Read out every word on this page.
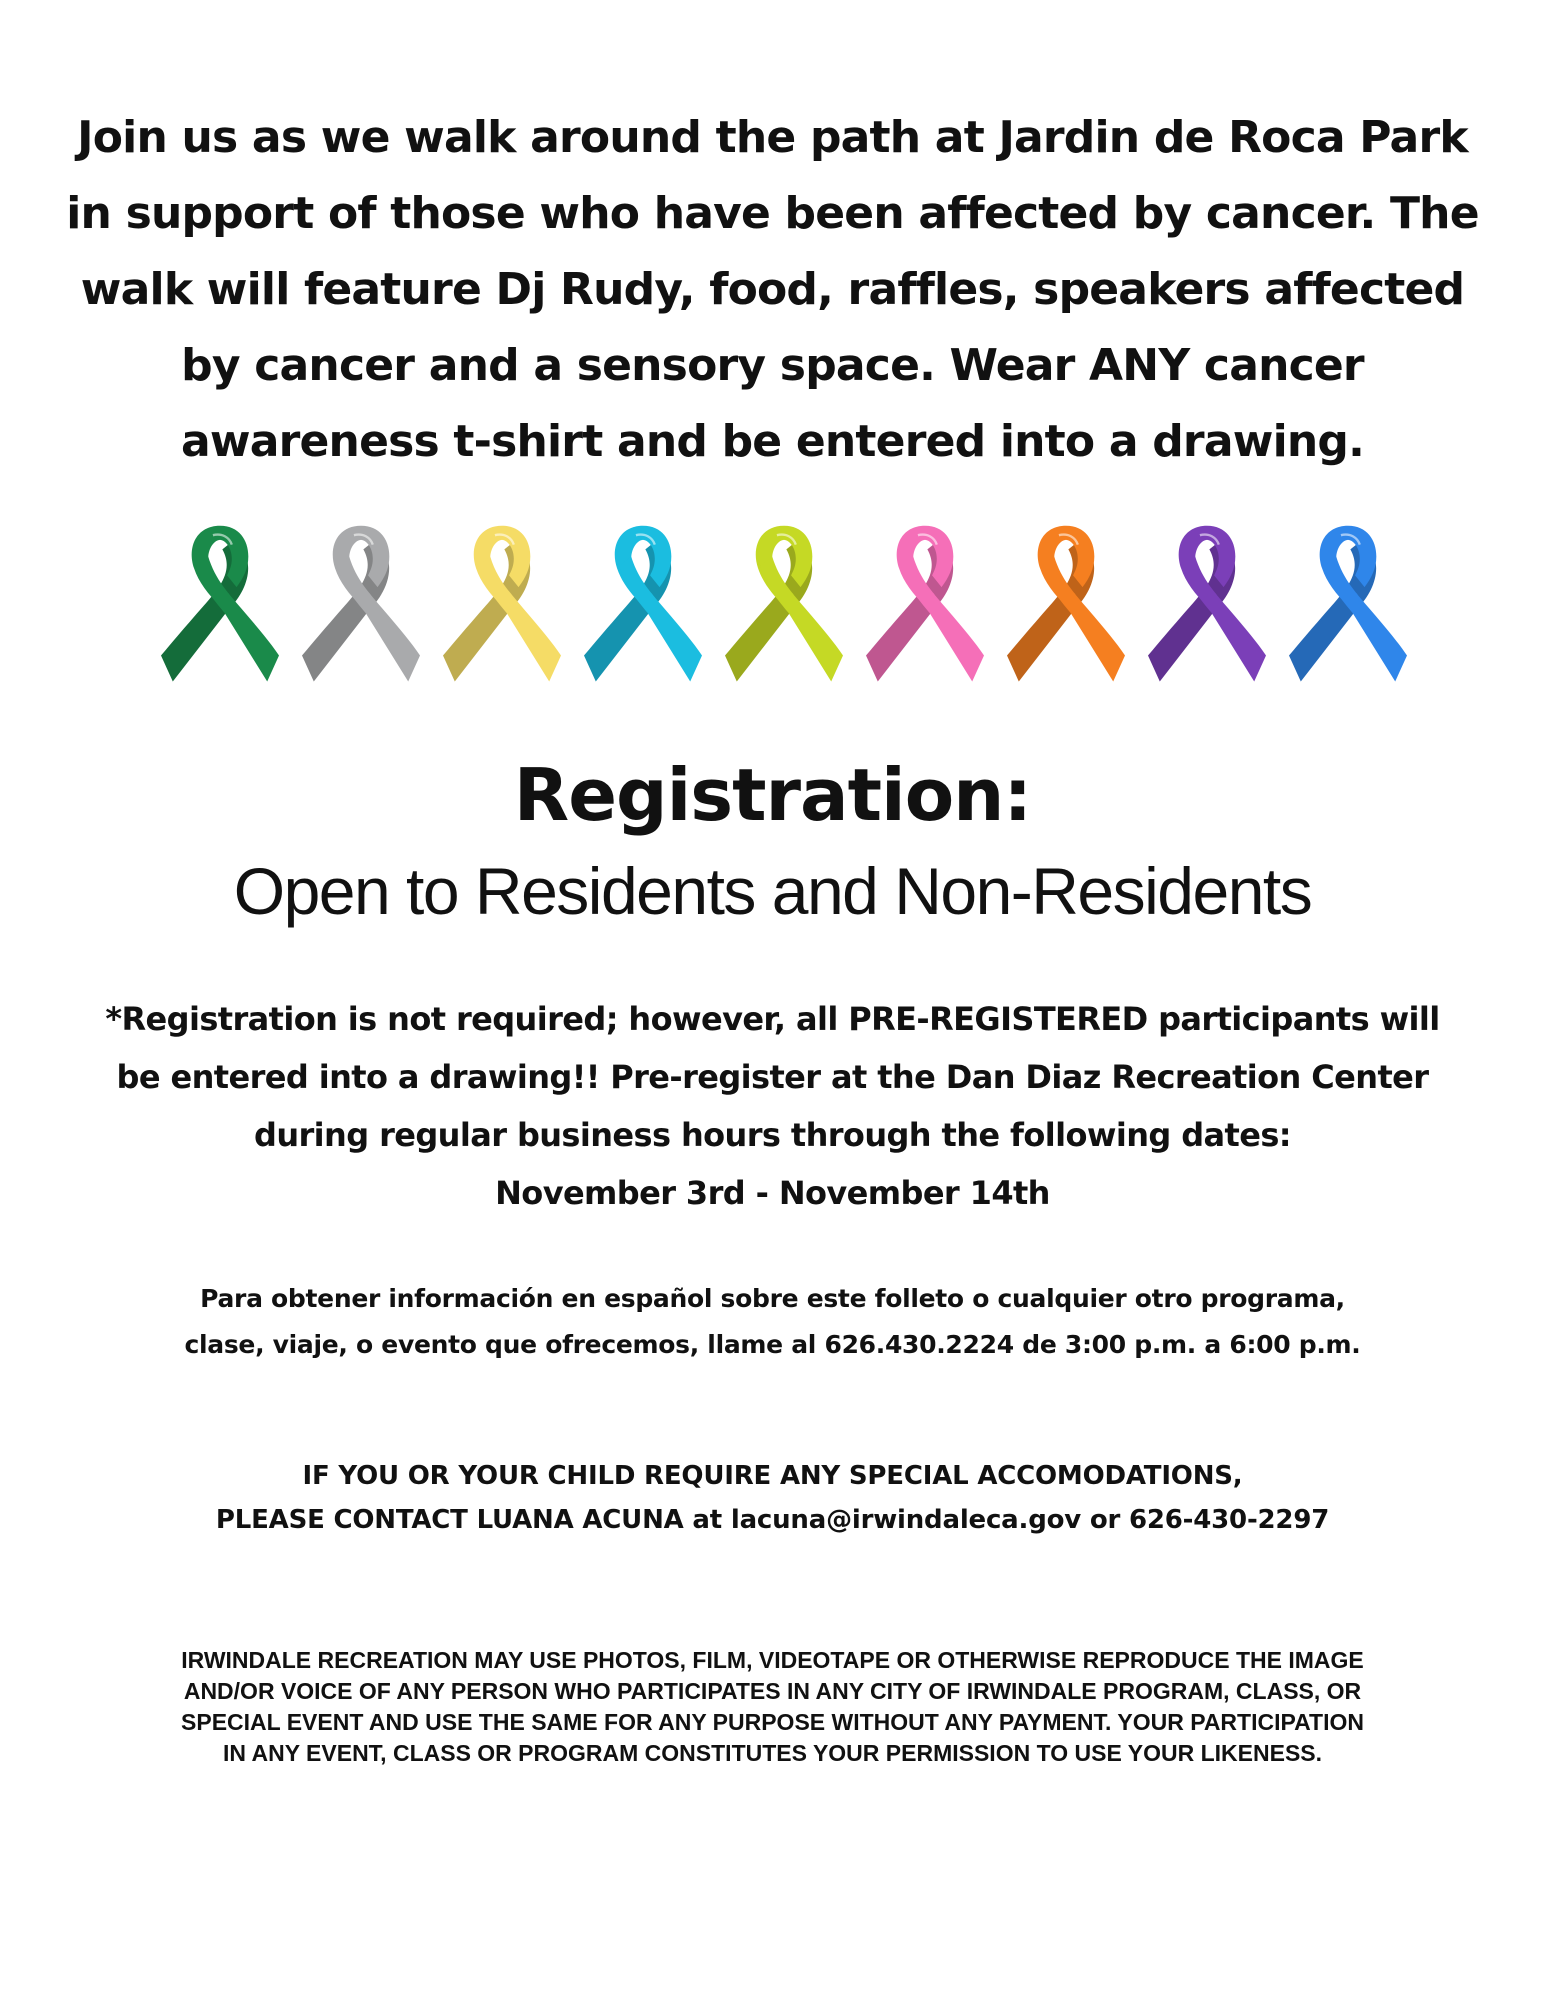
Join us as we walk around the path at Jardin de Roca Park
in support of those who have been affected by cancer. The
walk will feature Dj Rudy, food, raffles, speakers affected
by cancer and a sensory space. Wear ANY cancer
awareness t-shirt and be entered into a drawing.
Registration:
Open to Residents and Non-Residents
*Registration is not required; however, all PRE-REGISTERED participants will
be entered into a drawing!! Pre-register at the Dan Diaz Recreation Center
during regular business hours through the following dates:
November 3rd - November 14th
Para obtener información en español sobre este folleto o cualquier otro programa,
clase, viaje, o evento que ofrecemos, llame al 626.430.2224 de 3:00 p.m. a 6:00 p.m.
IF YOU OR YOUR CHILD REQUIRE ANY SPECIAL ACCOMODATIONS,
PLEASE CONTACT LUANA ACUNA at lacuna@irwindaleca.gov or 626-430-2297
IRWINDALE RECREATION MAY USE PHOTOS, FILM, VIDEOTAPE OR OTHERWISE REPRODUCE THE IMAGE
AND/OR VOICE OF ANY PERSON WHO PARTICIPATES IN ANY CITY OF IRWINDALE PROGRAM, CLASS, OR
SPECIAL EVENT AND USE THE SAME FOR ANY PURPOSE WITHOUT ANY PAYMENT. YOUR PARTICIPATION
IN ANY EVENT, CLASS OR PROGRAM CONSTITUTES YOUR PERMISSION TO USE YOUR LIKENESS.
